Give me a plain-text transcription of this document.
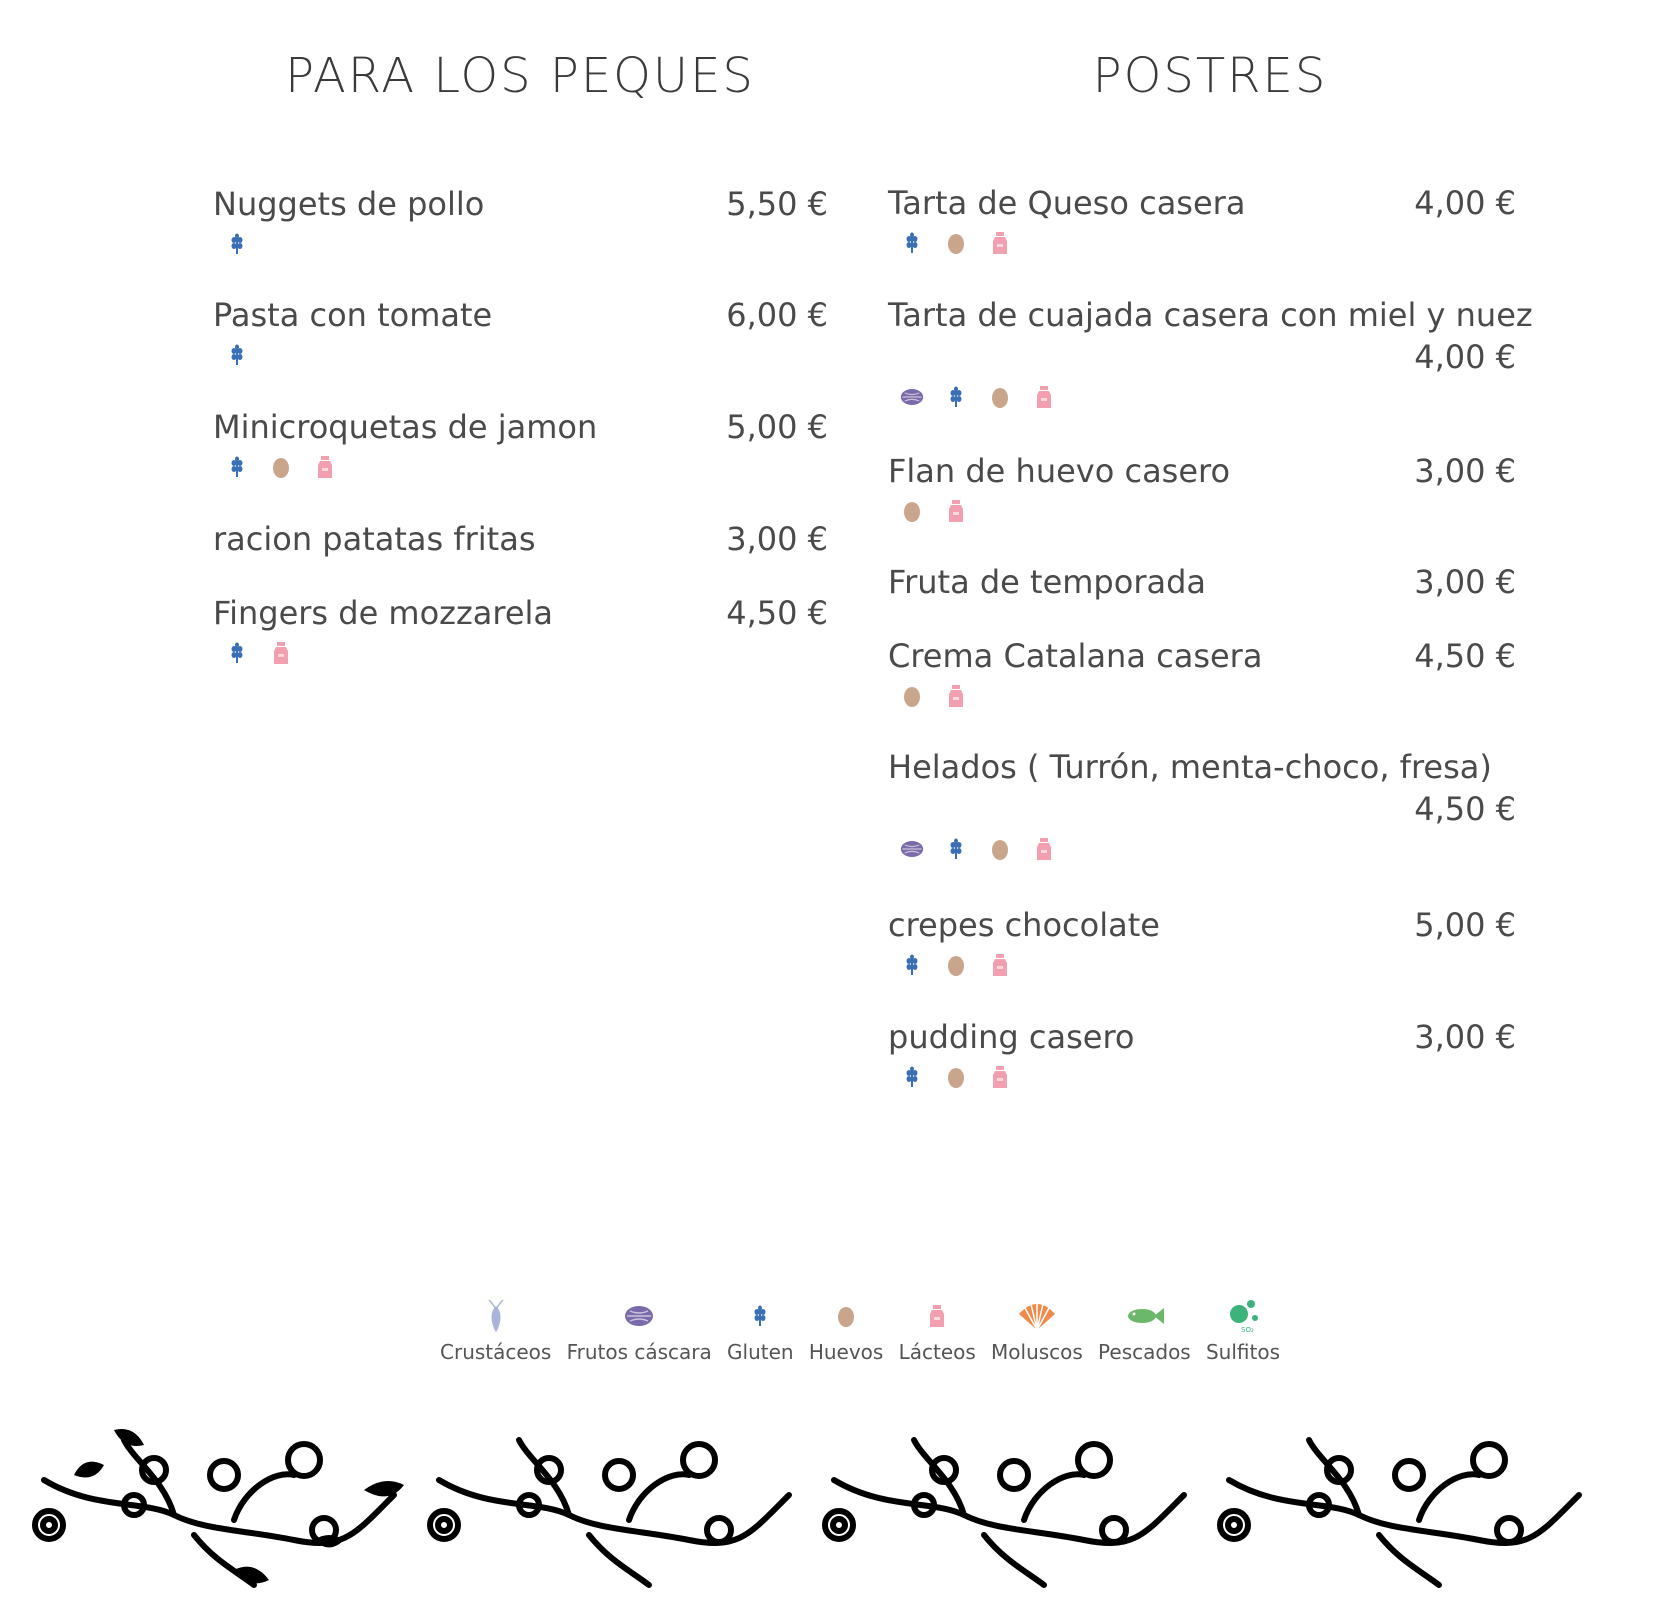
PARA LOS PEQUES	POSTRES
Nuggets de pollo	5,50 €
Pasta con tomate	6,00 €
Minicroquetas de jamon	5,00 €
racion patatas fritas	3,00 €
Fingers de mozzarela	4,50 €
Tarta de Queso casera	4,00 €
Tarta de cuajada casera con miel y nuez
4,00 €
Flan de huevo casero	3,00 €
Fruta de temporada	3,00 €
Crema Catalana casera	4,50 €
Helados ( Turrón, menta-choco, fresa)
4,50 €
crepes chocolate	5,00 €
pudding casero	3,00 €
Crustáceos Frutos cáscara Gluten Huevos Lácteos Moluscos Pescados
SO₂
Sulfitos
